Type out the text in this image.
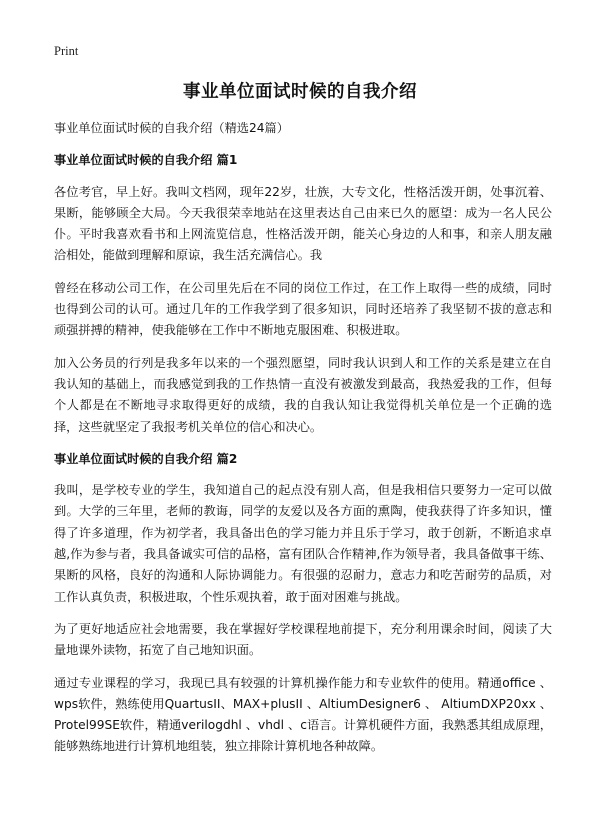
Print
事业单位面试时候的自我介绍

事业单位面试时候的自我介绍（精选24篇）

事业单位面试时候的自我介绍 篇1

各位考官，早上好。我叫文档网，现年22岁，壮族，大专文化，性格活泼开朗，处事沉着、果断，能够顾全大局。今天我很荣幸地站在这里表达自己由来已久的愿望：成为一名人民公仆。平时我喜欢看书和上网流览信息，性格活泼开朗，能关心身边的人和事，和亲人朋友融洽相处，能做到理解和原谅，我生活充满信心。我

曾经在移动公司工作，在公司里先后在不同的岗位工作过，在工作上取得一些的成绩，同时也得到公司的认可。通过几年的工作我学到了很多知识，同时还培养了我坚韧不拔的意志和顽强拼搏的精神，使我能够在工作中不断地克服困难、积极进取。

加入公务员的行列是我多年以来的一个强烈愿望，同时我认识到人和工作的关系是建立在自我认知的基础上，而我感觉到我的工作热情一直没有被激发到最高，我热爱我的工作，但每个人都是在不断地寻求取得更好的成绩，我的自我认知让我觉得机关单位是一个正确的选择，这些就坚定了我报考机关单位的信心和决心。

事业单位面试时候的自我介绍 篇2

我叫，是学校专业的学生，我知道自己的起点没有别人高，但是我相信只要努力一定可以做到。大学的三年里，老师的教诲，同学的友爱以及各方面的熏陶，使我获得了许多知识，懂得了许多道理，作为初学者，我具备出色的学习能力并且乐于学习，敢于创新，不断追求卓越,作为参与者，我具备诚实可信的品格，富有团队合作精神,作为领导者，我具备做事干练、果断的风格，良好的沟通和人际协调能力。有很强的忍耐力，意志力和吃苦耐劳的品质，对工作认真负责，积极进取，个性乐观执着，敢于面对困难与挑战。

为了更好地适应社会地需要，我在掌握好学校课程地前提下，充分利用课余时间，阅读了大量地课外读物，拓宽了自己地知识面。

通过专业课程的学习，我现已具有较强的计算机操作能力和专业软件的使用。精通office 、wps软件，熟练使用QuartusII、MAX+plusII 、AltiumDesigner6 、 AltiumDXP20xx 、Protel99SE软件，精通verilogdhl 、vhdl 、c语言。计算机硬件方面，我熟悉其组成原理，能够熟练地进行计算机地组装，独立排除计算机地各种故障。
